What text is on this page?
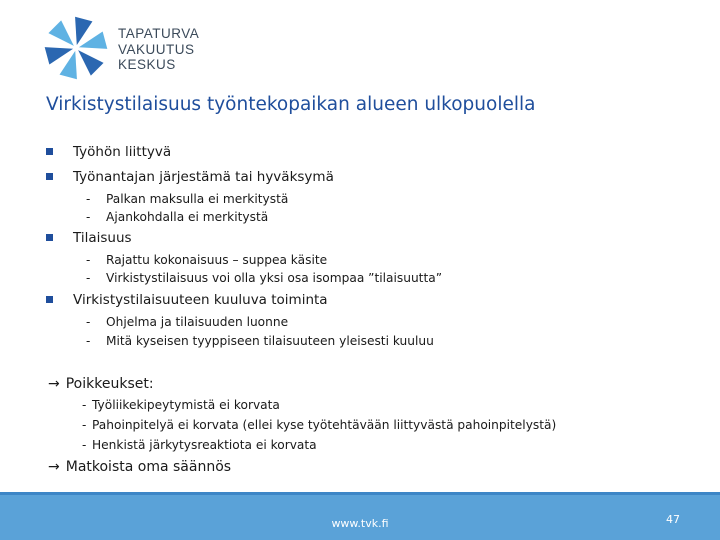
TAPATURVA
VAKUUTUS
KESKUS
Virkistystilaisuus työntekopaikan alueen ulkopuolella
Työhön liittyvä
Työnantajan järjestämä tai hyväksymä
- Palkan maksulla ei merkitystä
- Ajankohdalla ei merkitystä
Tilaisuus
- Rajattu kokonaisuus – suppea käsite
- Virkistystilaisuus voi olla yksi osa isompaa ”tilaisuutta”
Virkistystilaisuuteen kuuluva toiminta
- Ohjelma ja tilaisuuden luonne
- Mitä kyseisen tyyppiseen tilaisuuteen yleisesti kuuluu
→ Poikkeukset:
- Työliikekipeytymistä ei korvata
- Pahoinpitelyä ei korvata (ellei kyse työtehtävään liittyvästä pahoinpitelystä)
- Henkistä järkytysreaktiota ei korvata
→ Matkoista oma säännös
www.tvk.fi	47
